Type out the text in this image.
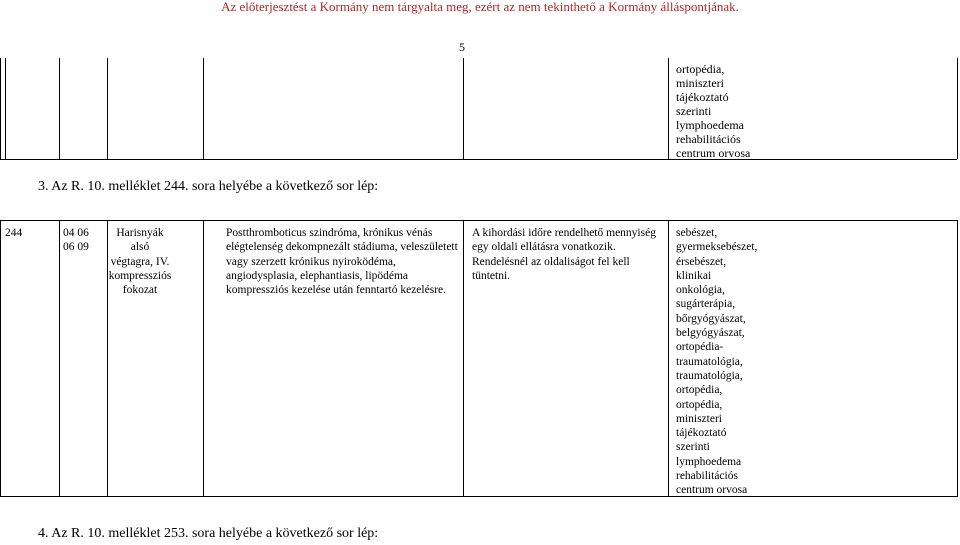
Az előterjesztést a Kormány nem tárgyalta meg, ezért az nem tekinthető a Kormány álláspontjának.
5
ortopédia,
miniszteri
tájékoztató
szerinti
lymphoedema
rehabilitációs
centrum orvosa
3. Az R. 10. melléklet 244. sora helyébe a következő sor lép:
244	04 06
06 09
Harisnyák
alsó
végtagra, IV.
kompressziós
fokozat
Postthromboticus szindróma, krónikus vénás elégtelenség dekompnezált stádiuma, veleszületett vagy szerzett krónikus nyiroködéma, angiodysplasia, elephantiasis, lipödéma kompressziós kezelése után fenntartó kezelésre.
A kihordási időre rendelhető mennyiség egy oldali ellátásra vonatkozik. Rendelésnél az oldaliságot fel kell tüntetni.
sebészet,
gyermeksebészet,
érsebészet,
klinikai
onkológia,
sugárterápia,
bőrgyógyászat,
belgyógyászat,
ortopédia-
traumatológia,
traumatológia,
ortopédia,
ortopédia,
miniszteri
tájékoztató
szerinti
lymphoedema
rehabilitációs
centrum orvosa
4. Az R. 10. melléklet 253. sora helyébe a következő sor lép:
